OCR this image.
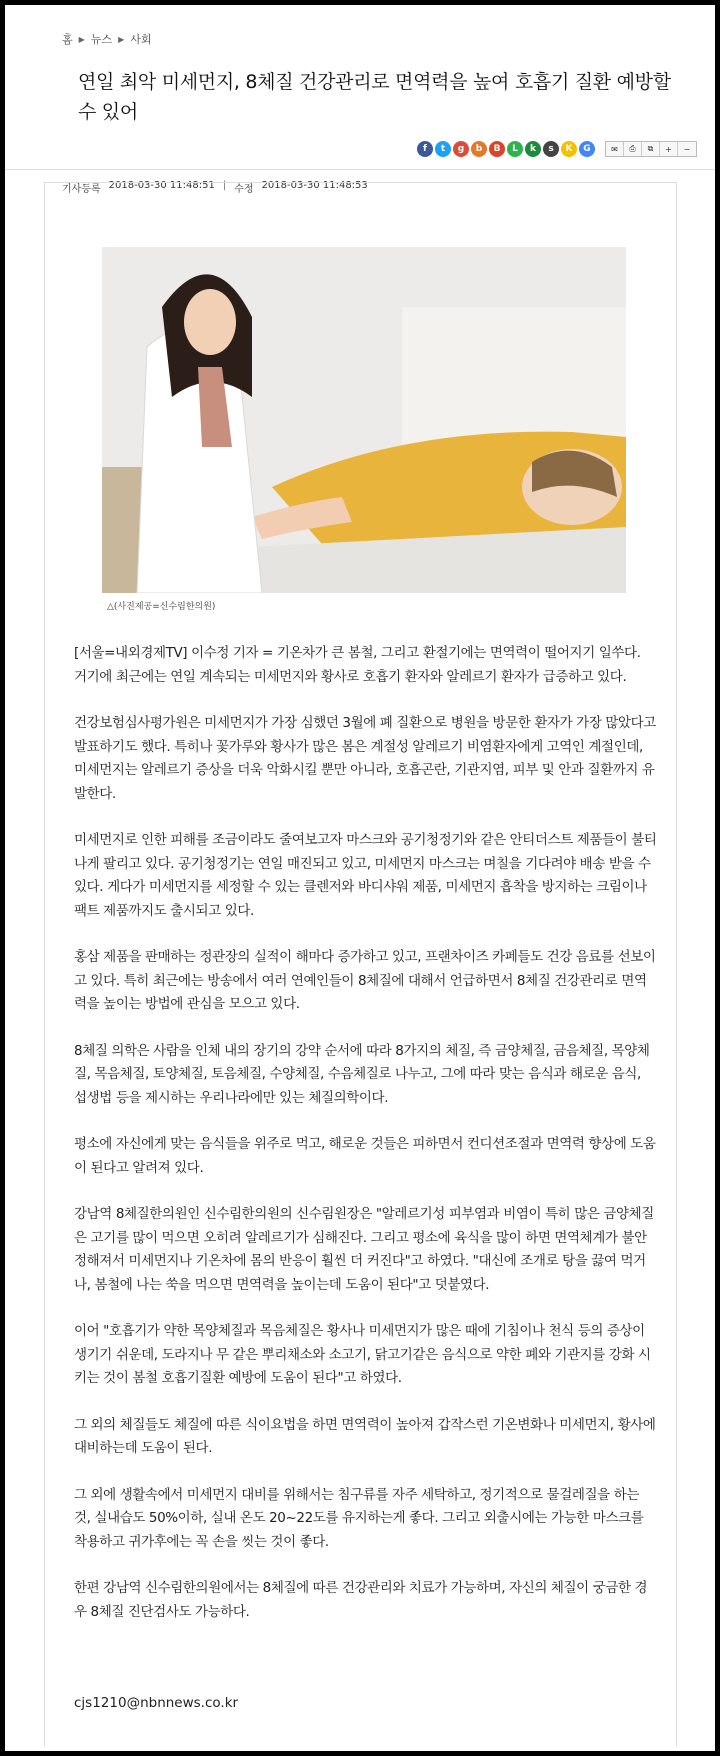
홈 ▶ 뉴스 ▶ 사회
연일 최악 미세먼지, 8체질 건강관리로 면역력을 높여 호흡기 질환 예방할 수 있어
f	t	g	b	B	L	k	s	K	G	✉	⎙	⧉	+	−
기사등록 2018-03-30 11:48:51 | 수정 2018-03-30 11:48:53
△(사진제공=신수림한의원)

[서울=내외경제TV] 이수정 기자 = 기온차가 큰 봄철, 그리고 환절기에는 면역력이 떨어지기 일쑤다. 거기에 최근에는 연일 계속되는 미세먼지와 황사로 호흡기 환자와 알레르기 환자가 급증하고 있다.

건강보험심사평가원은 미세먼지가 가장 심했던 3월에 폐 질환으로 병원을 방문한 환자가 가장 많았다고 발표하기도 했다. 특히나 꽃가루와 황사가 많은 봄은 계절성 알레르기 비염환자에게 고역인 계절인데, 미세먼지는 알레르기 증상을 더욱 악화시킬 뿐만 아니라, 호흡곤란, 기관지염, 피부 및 안과 질환까지 유발한다.

미세먼지로 인한 피해를 조금이라도 줄여보고자 마스크와 공기청정기와 같은 안티더스트 제품들이 불티나게 팔리고 있다. 공기청정기는 연일 매진되고 있고, 미세먼지 마스크는 며칠을 기다려야 배송 받을 수 있다. 게다가 미세먼지를 세정할 수 있는 클렌저와 바디샤워 제품, 미세먼지 흡착을 방지하는 크림이나 팩트 제품까지도 출시되고 있다.

홍삼 제품을 판매하는 정관장의 실적이 해마다 증가하고 있고, 프랜차이즈 카페들도 건강 음료를 선보이고 있다. 특히 최근에는 방송에서 여러 연예인들이 8체질에 대해서 언급하면서 8체질 건강관리로 면역력을 높이는 방법에 관심을 모으고 있다.

8체질 의학은 사람을 인체 내의 장기의 강약 순서에 따라 8가지의 체질, 즉 금양체질, 금음체질, 목양체질, 목음체질, 토양체질, 토음체질, 수양체질, 수음체질로 나누고, 그에 따라 맞는 음식과 해로운 음식, 섭생법 등을 제시하는 우리나라에만 있는 체질의학이다.

평소에 자신에게 맞는 음식들을 위주로 먹고, 해로운 것들은 피하면서 컨디션조절과 면역력 향상에 도움이 된다고 알려져 있다.

강남역 8체질한의원인 신수림한의원의 신수림원장은 "알레르기성 피부염과 비염이 특히 많은 금양체질은 고기를 많이 먹으면 오히려 알레르기가 심해진다. 그리고 평소에 육식을 많이 하면 면역체계가 불안정해져서 미세먼지나 기온차에 몸의 반응이 훨씬 더 커진다"고 하였다. "대신에 조개로 탕을 끓여 먹거나, 봄철에 나는 쑥을 먹으면 면역력을 높이는데 도움이 된다"고 덧붙였다.

이어 "호흡기가 약한 목양체질과 목음체질은 황사나 미세먼지가 많은 때에 기침이나 천식 등의 증상이 생기기 쉬운데, 도라지나 무 같은 뿌리채소와 소고기, 닭고기같은 음식으로 약한 폐와 기관지를 강화 시키는 것이 봄철 호흡기질환 예방에 도움이 된다"고 하였다.

그 외의 체질들도 체질에 따른 식이요법을 하면 면역력이 높아져 갑작스런 기온변화나 미세먼지, 황사에 대비하는데 도움이 된다.

그 외에 생활속에서 미세먼지 대비를 위해서는 침구류를 자주 세탁하고, 정기적으로 물걸레질을 하는 것, 실내습도 50%이하, 실내 온도 20~22도를 유지하는게 좋다. 그리고 외출시에는 가능한 마스크를 착용하고 귀가후에는 꼭 손을 씻는 것이 좋다.

한편 강남역 신수림한의원에서는 8체질에 따른 건강관리와 치료가 가능하며, 자신의 체질이 궁금한 경우 8체질 진단검사도 가능하다.

cjs1210@nbnnews.co.kr
